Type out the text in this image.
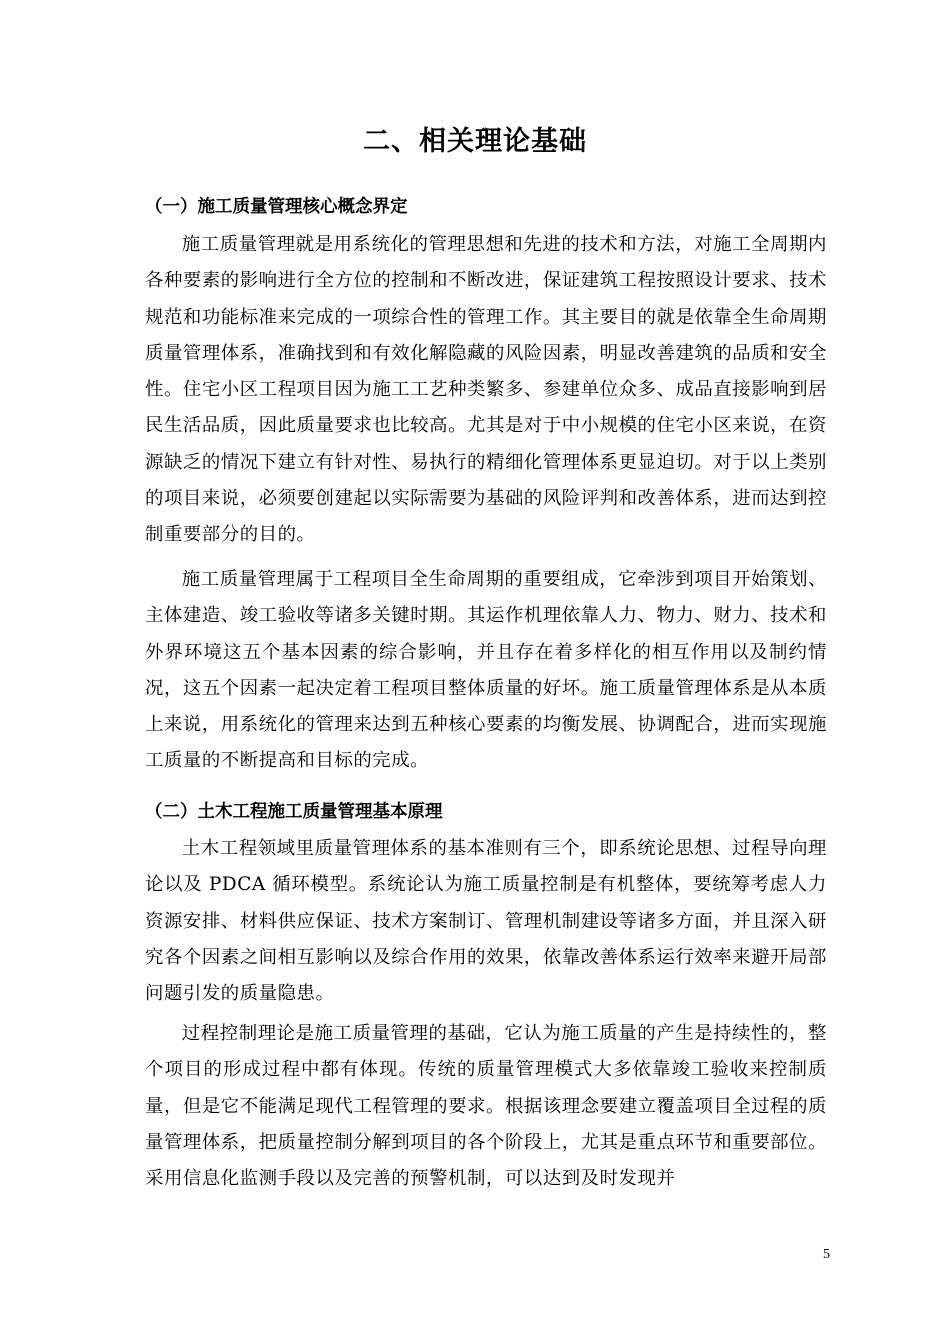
二、相关理论基础
（一）施工质量管理核心概念界定

施工质量管理就是用系统化的管理思想和先进的技术和方法，对施工全周期内各种要素的影响进行全方位的控制和不断改进，保证建筑工程按照设计要求、技术规范和功能标准来完成的一项综合性的管理工作。其主要目的就是依靠全生命周期质量管理体系，准确找到和有效化解隐藏的风险因素，明显改善建筑的品质和安全性。住宅小区工程项目因为施工工艺种类繁多、参建单位众多、成品直接影响到居民生活品质，因此质量要求也比较高。尤其是对于中小规模的住宅小区来说，在资源缺乏的情况下建立有针对性、易执行的精细化管理体系更显迫切。对于以上类别的项目来说，必须要创建起以实际需要为基础的风险评判和改善体系，进而达到控制重要部分的目的。

施工质量管理属于工程项目全生命周期的重要组成，它牵涉到项目开始策划、主体建造、竣工验收等诸多关键时期。其运作机理依靠人力、物力、财力、技术和外界环境这五个基本因素的综合影响，并且存在着多样化的相互作用以及制约情况，这五个因素一起决定着工程项目整体质量的好坏。施工质量管理体系是从本质上来说，用系统化的管理来达到五种核心要素的均衡发展、协调配合，进而实现施工质量的不断提高和目标的完成。

（二）土木工程施工质量管理基本原理

土木工程领域里质量管理体系的基本准则有三个，即系统论思想、过程导向理论以及 PDCA 循环模型。系统论认为施工质量控制是有机整体，要统筹考虑人力资源安排、材料供应保证、技术方案制订、管理机制建设等诸多方面，并且深入研究各个因素之间相互影响以及综合作用的效果，依靠改善体系运行效率来避开局部问题引发的质量隐患。

过程控制理论是施工质量管理的基础，它认为施工质量的产生是持续性的，整个项目的形成过程中都有体现。传统的质量管理模式大多依靠竣工验收来控制质量，但是它不能满足现代工程管理的要求。根据该理念要建立覆盖项目全过程的质量管理体系，把质量控制分解到项目的各个阶段上，尤其是重点环节和重要部位。采用信息化监测手段以及完善的预警机制，可以达到及时发现并

5
